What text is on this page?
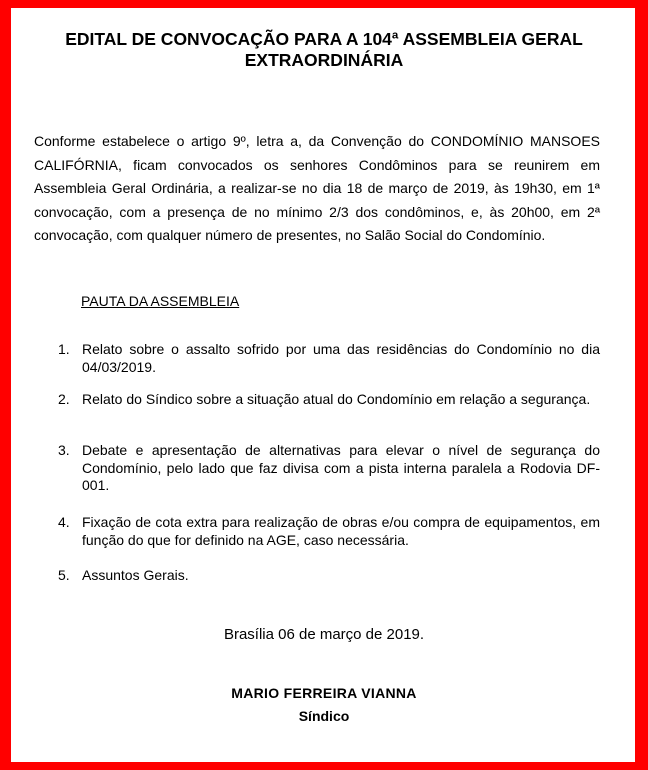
EDITAL DE CONVOCAÇÃO PARA A 104ª ASSEMBLEIA GERAL
EXTRAORDINÁRIA

Conforme estabelece o artigo 9º, letra a, da Convenção do CONDOMÍNIO MANSOES CALIFÓRNIA, ficam convocados os senhores Condôminos para se reunirem em Assembleia Geral Ordinária, a realizar-se no dia 18 de março de 2019, às 19h30, em 1ª convocação, com a presença de no mínimo 2/3 dos condôminos, e, às 20h00, em 2ª convocação, com qualquer número de presentes, no Salão Social do Condomínio.

PAUTA DA ASSEMBLEIA

1. Relato sobre o assalto sofrido por uma das residências do Condomínio no dia 04/03/2019.
2. Relato do Síndico sobre a situação atual do Condomínio em relação a segurança.
3. Debate e apresentação de alternativas para elevar o nível de segurança do Condomínio, pelo lado que faz divisa com a pista interna paralela a Rodovia DF-001.
4. Fixação de cota extra para realização de obras e/ou compra de equipamentos, em função do que for definido na AGE, caso necessária.
5. Assuntos Gerais.

Brasília 06 de março de 2019.

MARIO FERREIRA VIANNA

Síndico
